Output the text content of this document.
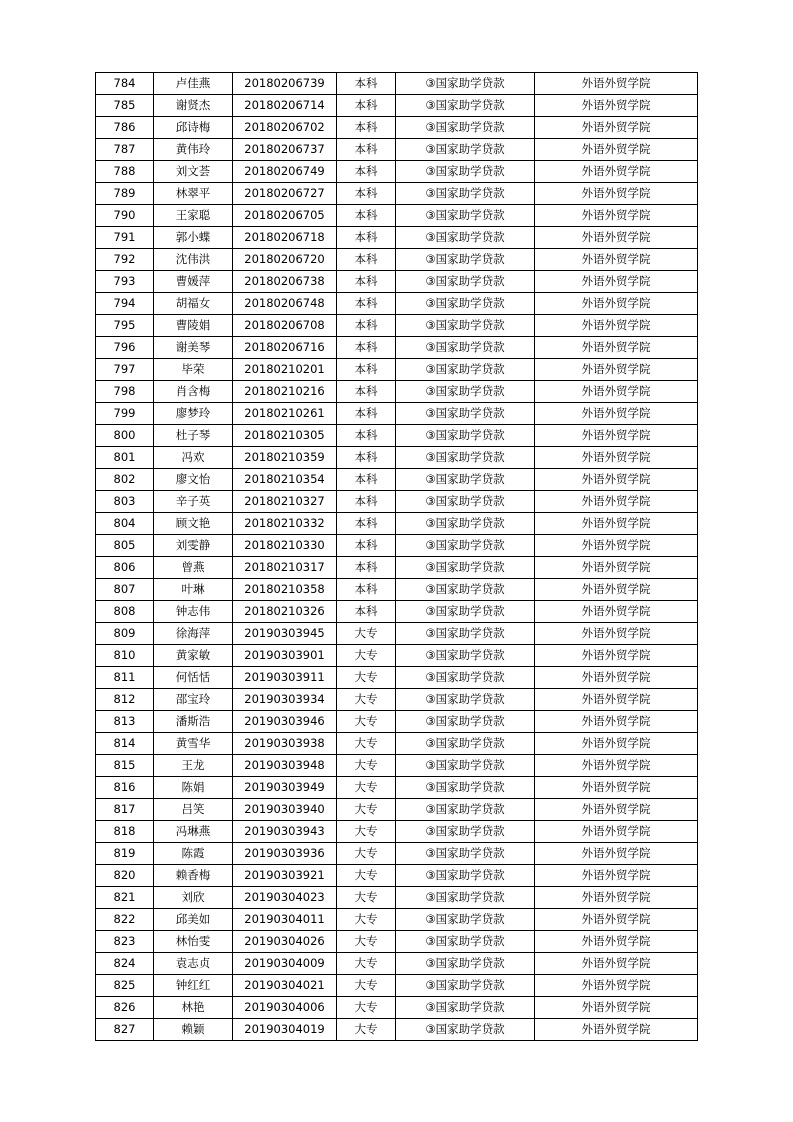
784	卢佳燕	20180206739	本科	③国家助学贷款	外语外贸学院
785	谢贤杰	20180206714	本科	③国家助学贷款	外语外贸学院
786	邱诗梅	20180206702	本科	③国家助学贷款	外语外贸学院
787	黄伟玲	20180206737	本科	③国家助学贷款	外语外贸学院
788	刘文荟	20180206749	本科	③国家助学贷款	外语外贸学院
789	林翠平	20180206727	本科	③国家助学贷款	外语外贸学院
790	王家聪	20180206705	本科	③国家助学贷款	外语外贸学院
791	郭小蝶	20180206718	本科	③国家助学贷款	外语外贸学院
792	沈伟洪	20180206720	本科	③国家助学贷款	外语外贸学院
793	曹媛萍	20180206738	本科	③国家助学贷款	外语外贸学院
794	胡福女	20180206748	本科	③国家助学贷款	外语外贸学院
795	曹陵娟	20180206708	本科	③国家助学贷款	外语外贸学院
796	谢美琴	20180206716	本科	③国家助学贷款	外语外贸学院
797	毕荣	20180210201	本科	③国家助学贷款	外语外贸学院
798	肖含梅	20180210216	本科	③国家助学贷款	外语外贸学院
799	廖梦玲	20180210261	本科	③国家助学贷款	外语外贸学院
800	杜子琴	20180210305	本科	③国家助学贷款	外语外贸学院
801	冯欢	20180210359	本科	③国家助学贷款	外语外贸学院
802	廖文怡	20180210354	本科	③国家助学贷款	外语外贸学院
803	辛子英	20180210327	本科	③国家助学贷款	外语外贸学院
804	顾文艳	20180210332	本科	③国家助学贷款	外语外贸学院
805	刘雯静	20180210330	本科	③国家助学贷款	外语外贸学院
806	曾燕	20180210317	本科	③国家助学贷款	外语外贸学院
807	叶琳	20180210358	本科	③国家助学贷款	外语外贸学院
808	钟志伟	20180210326	本科	③国家助学贷款	外语外贸学院
809	徐海萍	20190303945	大专	③国家助学贷款	外语外贸学院
810	黄家敏	20190303901	大专	③国家助学贷款	外语外贸学院
811	何恬恬	20190303911	大专	③国家助学贷款	外语外贸学院
812	邵宝玲	20190303934	大专	③国家助学贷款	外语外贸学院
813	潘斯浩	20190303946	大专	③国家助学贷款	外语外贸学院
814	黄雪华	20190303938	大专	③国家助学贷款	外语外贸学院
815	王龙	20190303948	大专	③国家助学贷款	外语外贸学院
816	陈娟	20190303949	大专	③国家助学贷款	外语外贸学院
817	吕笑	20190303940	大专	③国家助学贷款	外语外贸学院
818	冯琳燕	20190303943	大专	③国家助学贷款	外语外贸学院
819	陈霞	20190303936	大专	③国家助学贷款	外语外贸学院
820	赖香梅	20190303921	大专	③国家助学贷款	外语外贸学院
821	刘欣	20190304023	大专	③国家助学贷款	外语外贸学院
822	邱美如	20190304011	大专	③国家助学贷款	外语外贸学院
823	林怡雯	20190304026	大专	③国家助学贷款	外语外贸学院
824	袁志贞	20190304009	大专	③国家助学贷款	外语外贸学院
825	钟红红	20190304021	大专	③国家助学贷款	外语外贸学院
826	林艳	20190304006	大专	③国家助学贷款	外语外贸学院
827	赖颖	20190304019	大专	③国家助学贷款	外语外贸学院
